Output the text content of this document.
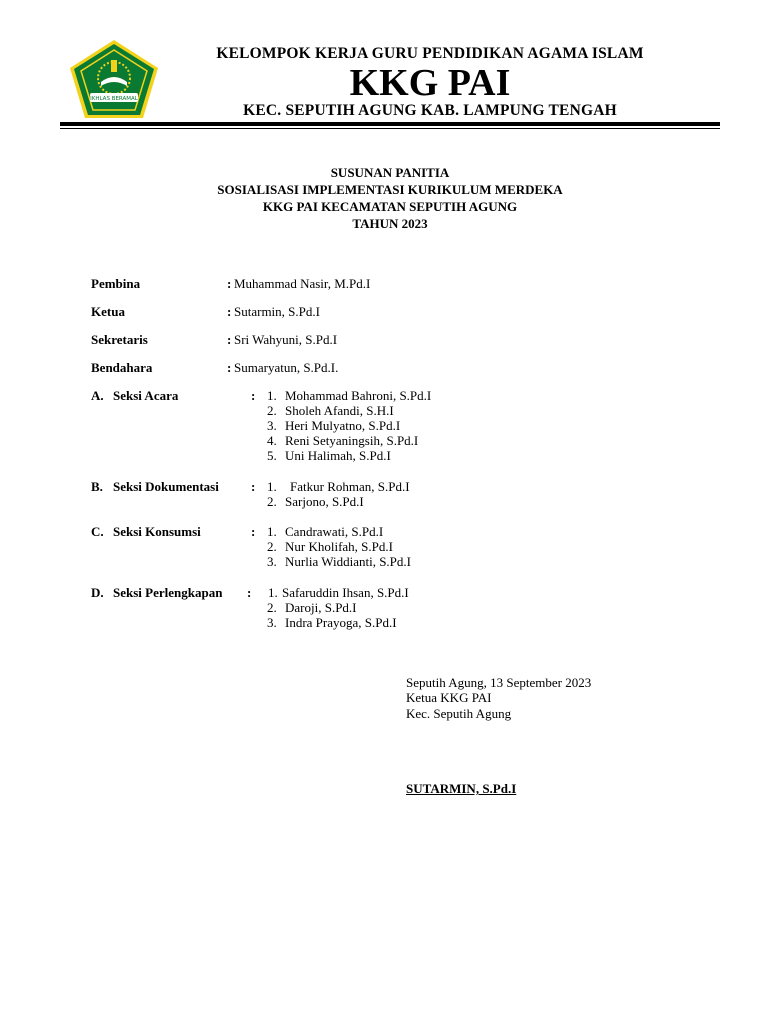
IKHLAS BERAMAL
KELOMPOK KERJA GURU PENDIDIKAN AGAMA ISLAM
KKG PAI
KEC. SEPUTIH AGUNG KAB. LAMPUNG TENGAH
SUSUNAN PANITIA
SOSIALISASI IMPLEMENTASI KURIKULUM MERDEKA
KKG PAI KECAMATAN SEPUTIH AGUNG
TAHUN 2023
Pembina	: Muhammad Nasir, M.Pd.I
Ketua	: Sutarmin, S.Pd.I
Sekretaris	: Sri Wahyuni, S.Pd.I
Bendahara	: Sumaryatun, S.Pd.I.
A. Seksi Acara	: 1. Mohammad Bahroni, S.Pd.I
2. Sholeh Afandi, S.H.I
3. Heri Mulyatno, S.Pd.I
4. Reni Setyaningsih, S.Pd.I
5. Uni Halimah, S.Pd.I
B. Seksi Dokumentasi : 1. Fatkur Rohman, S.Pd.I
2. Sarjono, S.Pd.I
C. Seksi Konsumsi	: 1. Candrawati, S.Pd.I
2. Nur Kholifah, S.Pd.I
3. Nurlia Widdianti, S.Pd.I
D. Seksi Perlengkapan : 1. Safaruddin Ihsan, S.Pd.I
2. Daroji, S.Pd.I
3. Indra Prayoga, S.Pd.I
Seputih Agung, 13 September 2023
Ketua KKG PAI
Kec. Seputih Agung
SUTARMIN, S.Pd.I
